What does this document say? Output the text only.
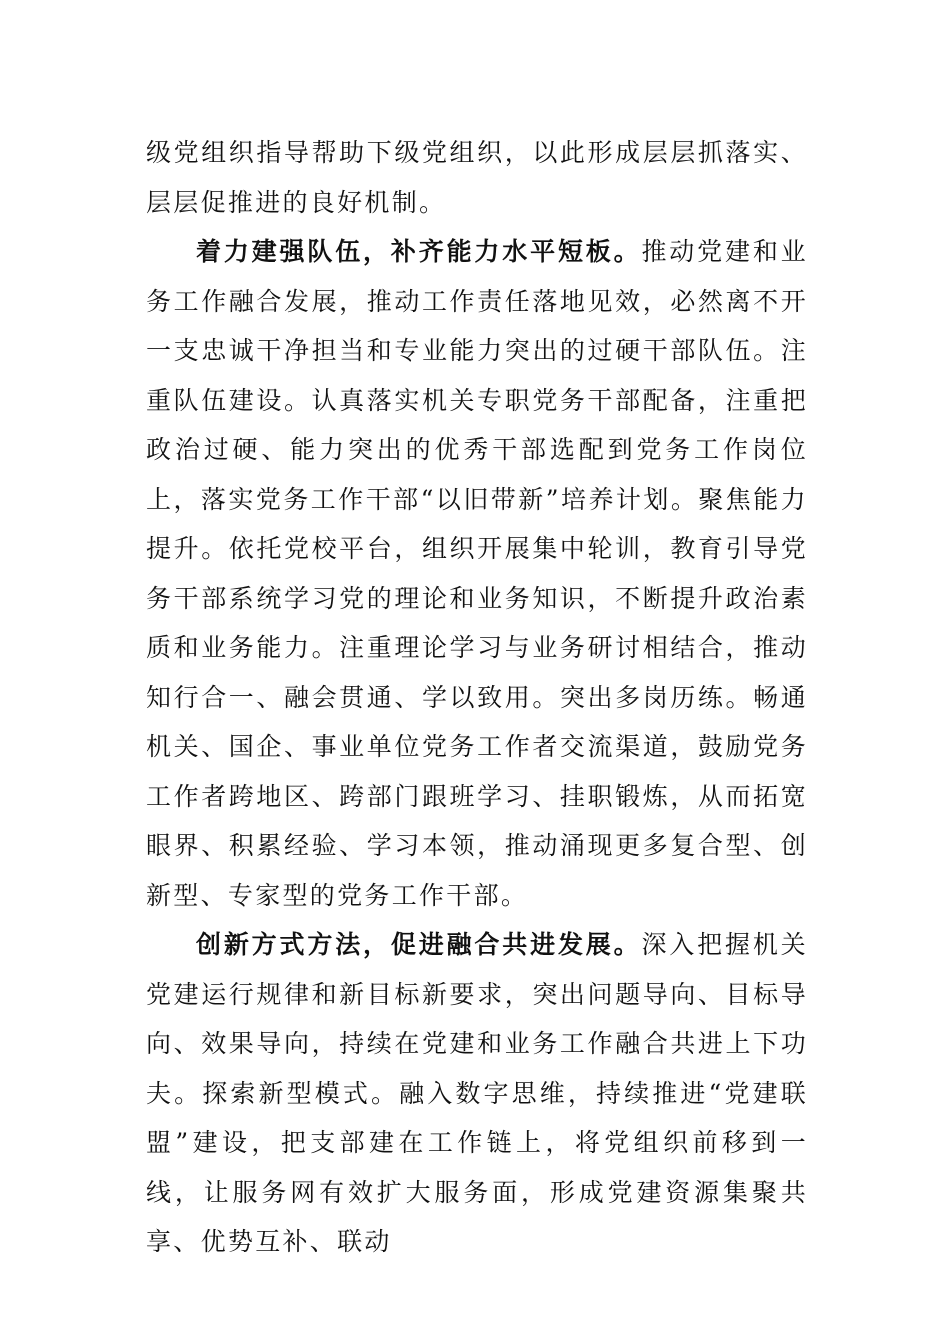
级党组织指导帮助下级党组织，以此形成层层抓落实、层层促推进的良好机制。

着力建强队伍，补齐能力水平短板。推动党建和业务工作融合发展，推动工作责任落地见效，必然离不开一支忠诚干净担当和专业能力突出的过硬干部队伍。注重队伍建设。认真落实机关专职党务干部配备，注重把政治过硬、能力突出的优秀干部选配到党务工作岗位上，落实党务工作干部“以旧带新”培养计划。聚焦能力提升。依托党校平台，组织开展集中轮训，教育引导党务干部系统学习党的理论和业务知识，不断提升政治素质和业务能力。注重理论学习与业务研讨相结合，推动知行合一、融会贯通、学以致用。突出多岗历练。畅通机关、国企、事业单位党务工作者交流渠道，鼓励党务工作者跨地区、跨部门跟班学习、挂职锻炼，从而拓宽眼界、积累经验、学习本领，推动涌现更多复合型、创新型、专家型的党务工作干部。

创新方式方法，促进融合共进发展。深入把握机关党建运行规律和新目标新要求，突出问题导向、目标导向、效果导向，持续在党建和业务工作融合共进上下功夫。探索新型模式。融入数字思维，持续推进“党建联盟”建设，把支部建在工作链上，将党组织前移到一线，让服务网有效扩大服务面，形成党建资源集聚共享、优势互补、联动
